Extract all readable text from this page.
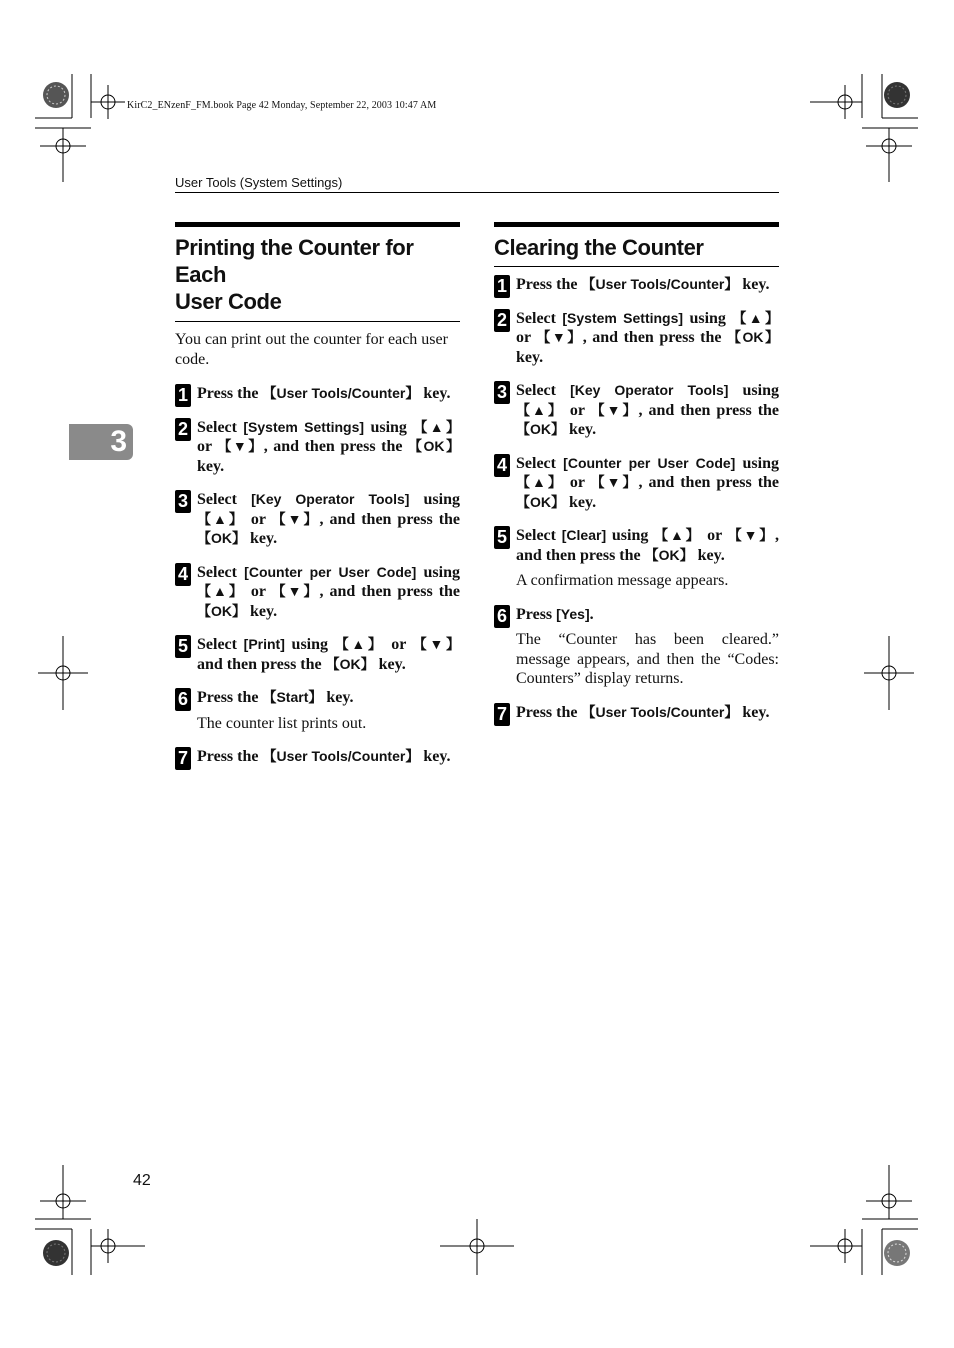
KirC2_ENzenF_FM.book Page 42 Monday, September 22, 2003 10:47 AM
User Tools (System Settings)
3
Printing the Counter for Each
User Code
You can print out the counter for each user code.
1 Press the 【User Tools/Counter】 key.
2 Select [System Settings] using 【▲】 or 【▼】, and then press the 【OK】 key.
3 Select [Key Operator Tools] using 【▲】 or 【▼】, and then press the 【OK】 key.
4 Select [Counter per User Code] using 【▲】 or 【▼】, and then press the 【OK】 key.
5 Select [Print] using 【▲】 or 【▼】 and then press the 【OK】 key.
6 Press the 【Start】 key.
The counter list prints out.
7 Press the 【User Tools/Counter】 key.
Clearing the Counter
1 Press the 【User Tools/Counter】 key.
2 Select [System Settings] using 【▲】 or 【▼】, and then press the 【OK】 key.
3 Select [Key Operator Tools] using 【▲】 or 【▼】, and then press the 【OK】 key.
4 Select [Counter per User Code] using 【▲】 or 【▼】, and then press the 【OK】 key.
5 Select [Clear] using 【▲】 or 【▼】, and then press the 【OK】 key.
A confirmation message appears.
6 Press [Yes].
The “Counter has been cleared.” message appears, and then the “Codes: Counters” display returns.
7 Press the 【User Tools/Counter】 key.
42
